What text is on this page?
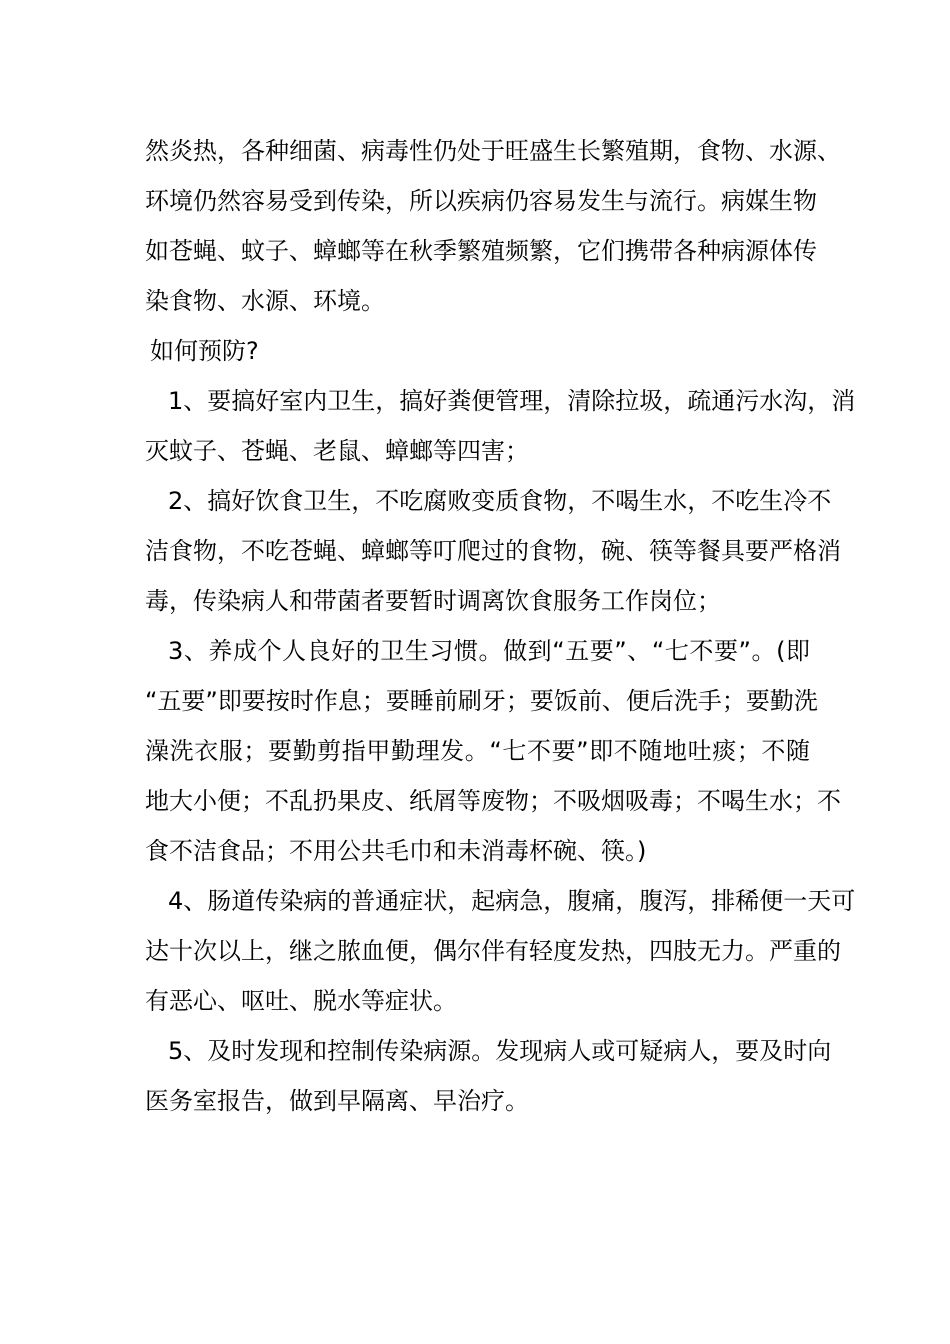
然炎热，各种细菌、病毒性仍处于旺盛生长繁殖期，食物、水源、
环境仍然容易受到传染，所以疾病仍容易发生与流行。病媒生物
如苍蝇、蚊子、蟑螂等在秋季繁殖频繁，它们携带各种病源体传
染食物、水源、环境。
如何预防?
1、要搞好室内卫生，搞好粪便管理，清除拉圾，疏通污水沟，消
灭蚊子、苍蝇、老鼠、蟑螂等四害；
2、搞好饮食卫生，不吃腐败变质食物，不喝生水，不吃生冷不
洁食物，不吃苍蝇、蟑螂等叮爬过的食物，碗、筷等餐具要严格消
毒，传染病人和带菌者要暂时调离饮食服务工作岗位；
3、养成个人良好的卫生习惯。做到“五要”、“七不要”。(即
“五要”即要按时作息；要睡前刷牙；要饭前、便后洗手；要勤洗
澡洗衣服；要勤剪指甲勤理发。“七不要”即不随地吐痰；不随
地大小便；不乱扔果皮、纸屑等废物；不吸烟吸毒；不喝生水；不
食不洁食品；不用公共毛巾和未消毒杯碗、筷。)
4、肠道传染病的普通症状，起病急，腹痛，腹泻，排稀便一天可
达十次以上，继之脓血便，偶尔伴有轻度发热，四肢无力。严重的
有恶心、呕吐、脱水等症状。
5、及时发现和控制传染病源。发现病人或可疑病人，要及时向
医务室报告，做到早隔离、早治疗。
